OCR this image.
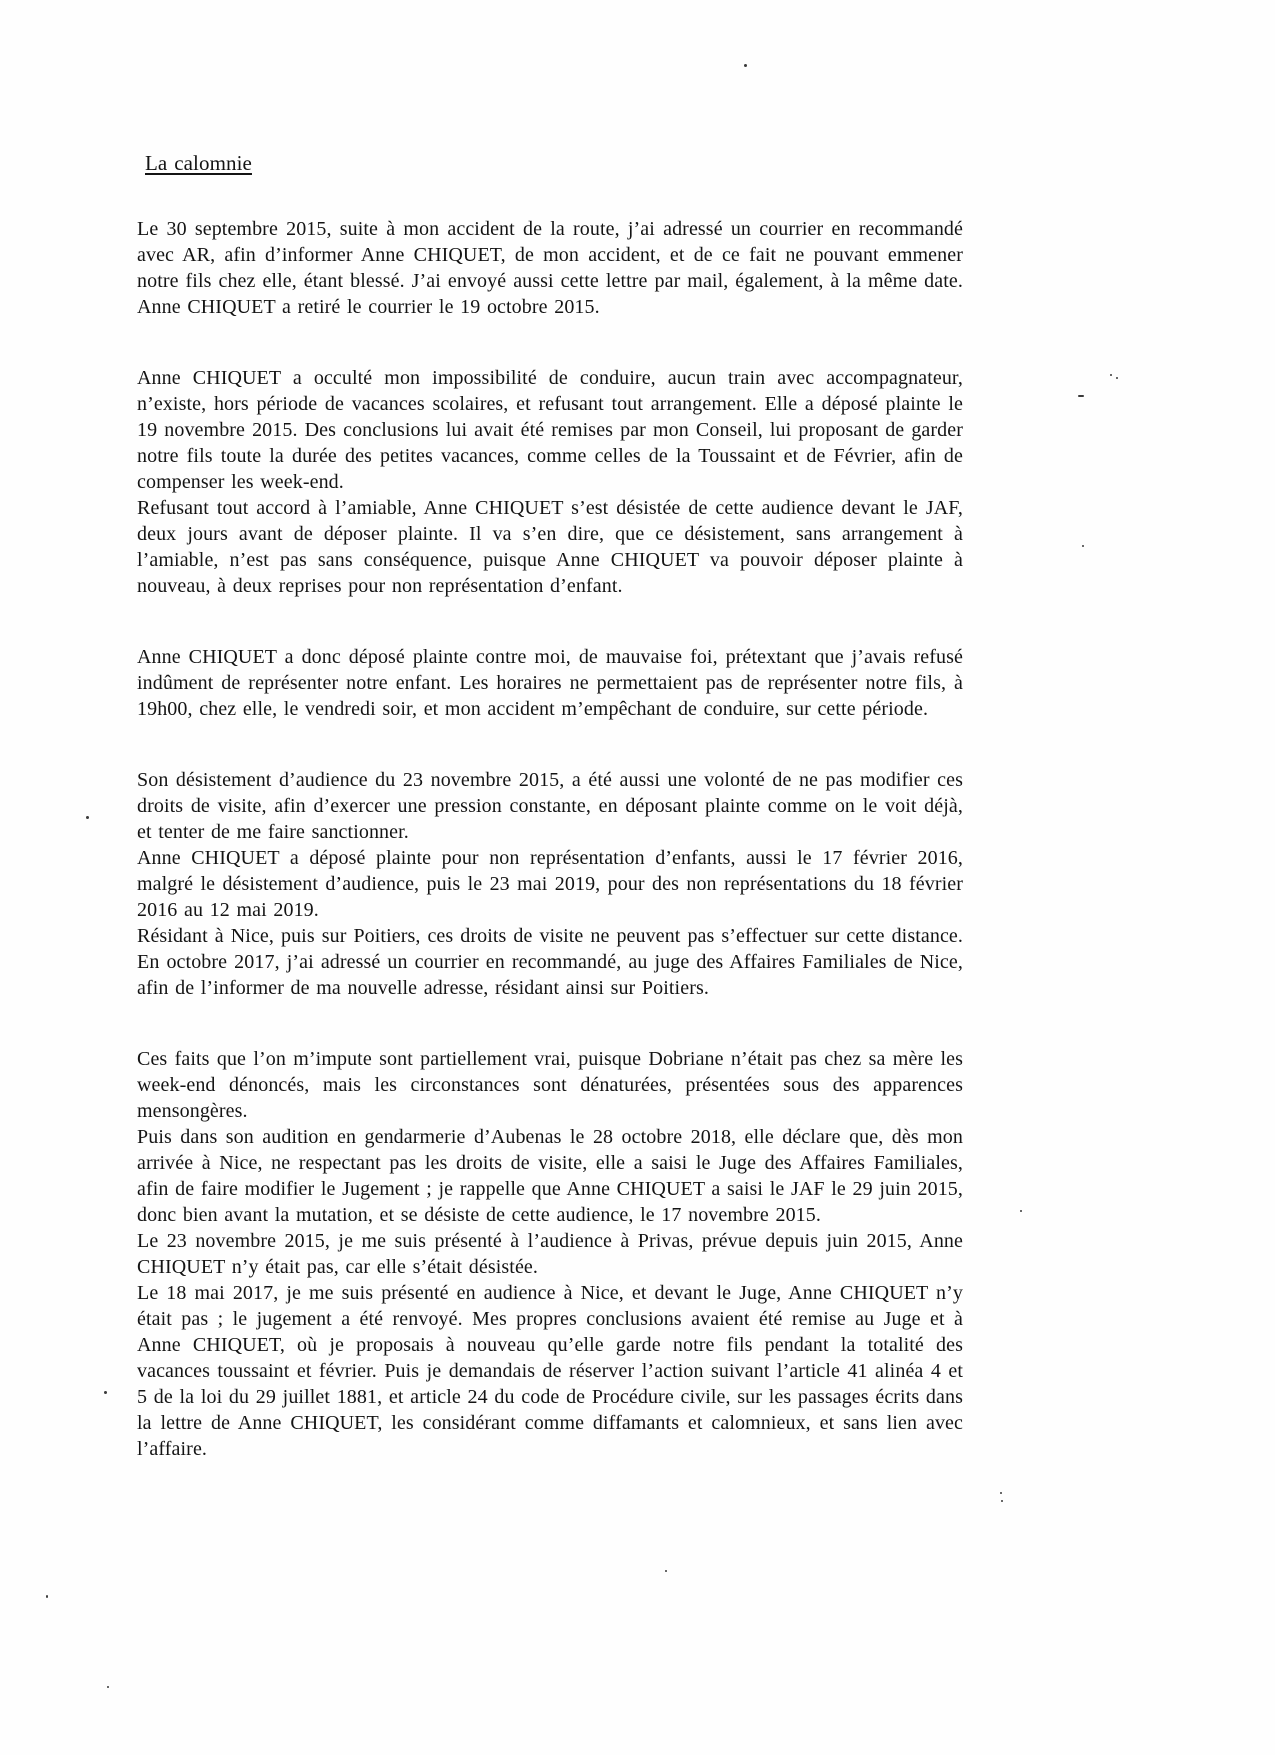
La calomnie

Le 30 septembre 2015, suite à mon accident de la route, j’ai adressé un courrier en recommandé avec AR, afin d’informer Anne CHIQUET, de mon accident, et de ce fait ne pouvant emmener notre fils chez elle, étant blessé. J’ai envoyé aussi cette lettre par mail, également, à la même date. Anne CHIQUET a retiré le courrier le 19 octobre 2015.

Anne CHIQUET a occulté mon impossibilité de conduire, aucun train avec accompagnateur, n’existe, hors période de vacances scolaires, et refusant tout arrangement. Elle a déposé plainte le 19 novembre 2015. Des conclusions lui avait été remises par mon Conseil, lui proposant de garder notre fils toute la durée des petites vacances, comme celles de la Toussaint et de Février, afin de compenser les week-end.

Refusant tout accord à l’amiable, Anne CHIQUET s’est désistée de cette audience devant le JAF, deux jours avant de déposer plainte. Il va s’en dire, que ce désistement, sans arrangement à l’amiable, n’est pas sans conséquence, puisque Anne CHIQUET va pouvoir déposer plainte à nouveau, à deux reprises pour non représentation d’enfant.

Anne CHIQUET a donc déposé plainte contre moi, de mauvaise foi, prétextant que j’avais refusé indûment de représenter notre enfant. Les horaires ne permettaient pas de représenter notre fils, à 19h00, chez elle, le vendredi soir, et mon accident m’empêchant de conduire, sur cette période.

Son désistement d’audience du 23 novembre 2015, a été aussi une volonté de ne pas modifier ces droits de visite, afin d’exercer une pression constante, en déposant plainte comme on le voit déjà, et tenter de me faire sanctionner.

Anne CHIQUET a déposé plainte pour non représentation d’enfants, aussi le 17 février 2016, malgré le désistement d’audience, puis le 23 mai 2019, pour des non représentations du 18 février 2016 au 12 mai 2019.

Résidant à Nice, puis sur Poitiers, ces droits de visite ne peuvent pas s’effectuer sur cette distance. En octobre 2017, j’ai adressé un courrier en recommandé, au juge des Affaires Familiales de Nice, afin de l’informer de ma nouvelle adresse, résidant ainsi sur Poitiers.

Ces faits que l’on m’impute sont partiellement vrai, puisque Dobriane n’était pas chez sa mère les week-end dénoncés, mais les circonstances sont dénaturées, présentées sous des apparences mensongères.

Puis dans son audition en gendarmerie d’Aubenas le 28 octobre 2018, elle déclare que, dès mon arrivée à Nice, ne respectant pas les droits de visite, elle a saisi le Juge des Affaires Familiales, afin de faire modifier le Jugement ; je rappelle que Anne CHIQUET a saisi le JAF le 29 juin 2015, donc bien avant la mutation, et se désiste de cette audience, le 17 novembre 2015.

Le 23 novembre 2015, je me suis présenté à l’audience à Privas, prévue depuis juin 2015, Anne CHIQUET n’y était pas, car elle s’était désistée.

Le 18 mai 2017, je me suis présenté en audience à Nice, et devant le Juge, Anne CHIQUET n’y était pas ; le jugement a été renvoyé. Mes propres conclusions avaient été remise au Juge et à Anne CHIQUET, où je proposais à nouveau qu’elle garde notre fils pendant la totalité des vacances toussaint et février. Puis je demandais de réserver l’action suivant l’article 41 alinéa 4 et 5 de la loi du 29 juillet 1881, et article 24 du code de Procédure civile, sur les passages écrits dans la lettre de Anne CHIQUET, les considérant comme diffamants et calomnieux, et sans lien avec l’affaire.
